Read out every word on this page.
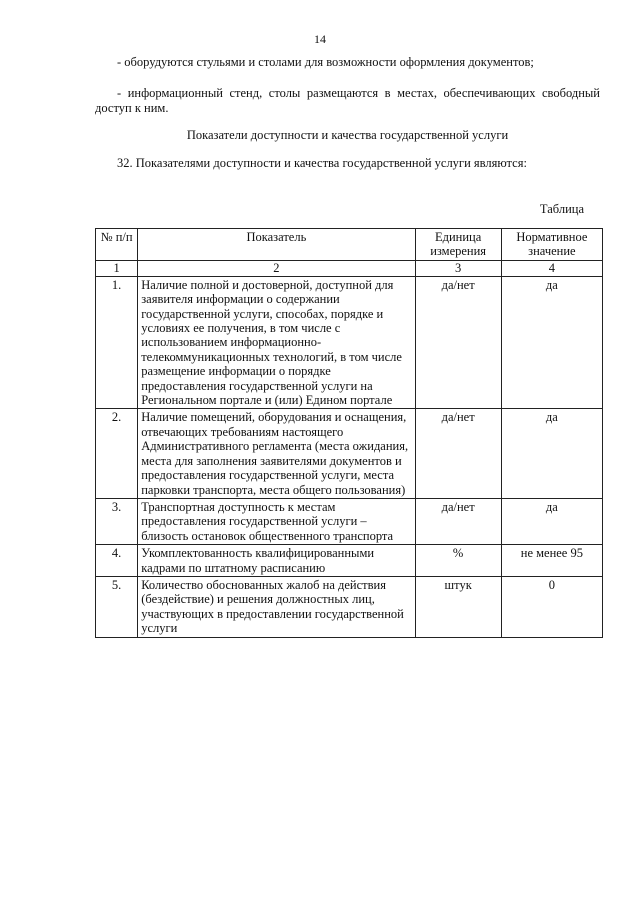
14
- оборудуются стульями и столами для возможности оформления документов;
- информационный стенд, столы размещаются в местах, обеспечивающих свободный доступ к ним.
Показатели доступности и качества государственной услуги
32. Показателями доступности и качества государственной услуги являются:
Таблица
№ п/п	Показатель	Единица измерения	Нормативное значение
1	2	3	4
1.	Наличие полной и достоверной, доступной для заявителя информации о содержании государственной услуги, способах, порядке и условиях ее получения, в том числе с использованием информационно-телекоммуникационных технологий, в том числе размещение информации о порядке предоставления государственной услуги на Региональном портале и (или) Едином портале	да/нет	да
2.	Наличие помещений, оборудования и оснащения, отвечающих требованиям настоящего Административного регламента (места ожидания, места для заполнения заявителями документов и предоставления государственной услуги, места парковки транспорта, места общего пользования)	да/нет	да
3.	Транспортная доступность к местам предоставления государственной услуги – близость остановок общественного транспорта	да/нет	да
4.	Укомплектованность квалифицированными кадрами по штатному расписанию	%	не менее 95
5.	Количество обоснованных жалоб на действия (бездействие) и решения должностных лиц, участвующих в предоставлении государственной услуги	штук	0
